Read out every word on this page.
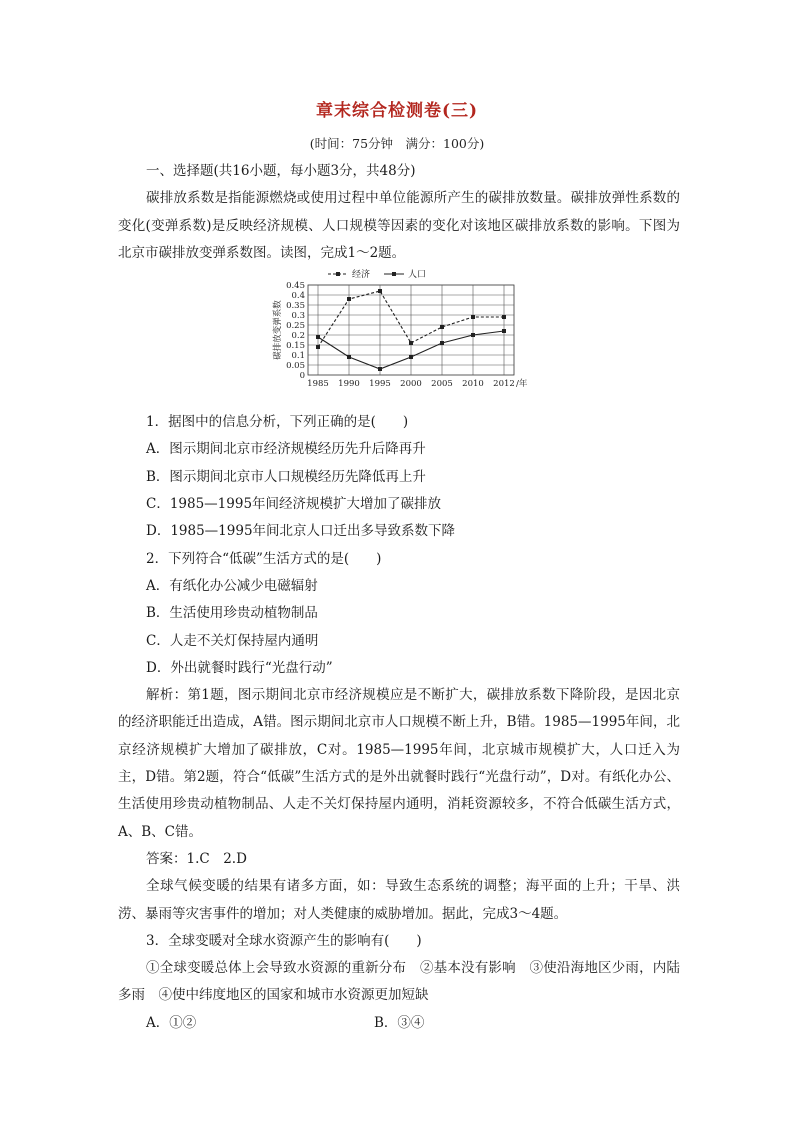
章末综合检测卷(三)
(时间：75分钟　满分：100分)

一、选择题(共16小题，每小题3分，共48分)

碳排放系数是指能源燃烧或使用过程中单位能源所产生的碳排放数量。碳排放弹性系数的变化(变弹系数)是反映经济规模、人口规模等因素的变化对该地区碳排放系数的影响。下图为北京市碳排放变弹系数图。读图，完成1～2题。

0
0.05
0.1
0.15
0.2
0.25
0.3
0.35
0.4
0.45
1985 1990 1995 2000 2005 2010 2012 /年
碳排放变弹系数
经济	人口

1．据图中的信息分析，下列正确的是(　　)

A．图示期间北京市经济规模经历先升后降再升

B．图示期间北京市人口规模经历先降低再上升

C．1985—1995年间经济规模扩大增加了碳排放

D．1985—1995年间北京人口迁出多导致系数下降

2．下列符合“低碳”生活方式的是(　　)

A．有纸化办公减少电磁辐射

B．生活使用珍贵动植物制品

C．人走不关灯保持屋内通明

D．外出就餐时践行“光盘行动”

解析：第1题，图示期间北京市经济规模应是不断扩大，碳排放系数下降阶段，是因北京的经济职能迁出造成，A错。图示期间北京市人口规模不断上升，B错。1985—1995年间，北京经济规模扩大增加了碳排放，C对。1985—1995年间，北京城市规模扩大，人口迁入为主，D错。第2题，符合“低碳”生活方式的是外出就餐时践行“光盘行动”，D对。有纸化办公、生活使用珍贵动植物制品、人走不关灯保持屋内通明，消耗资源较多，不符合低碳生活方式，A、B、C错。

答案：1.C　2.D

全球气候变暖的结果有诸多方面，如：导致生态系统的调整；海平面的上升；干旱、洪涝、暴雨等灾害事件的增加；对人类健康的威胁增加。据此，完成3～4题。

3．全球变暖对全球水资源产生的影响有(　　)

①全球变暖总体上会导致水资源的重新分布　②基本没有影响　③使沿海地区少雨，内陆多雨　④使中纬度地区的国家和城市水资源更加短缺

A．①②	B．③④
